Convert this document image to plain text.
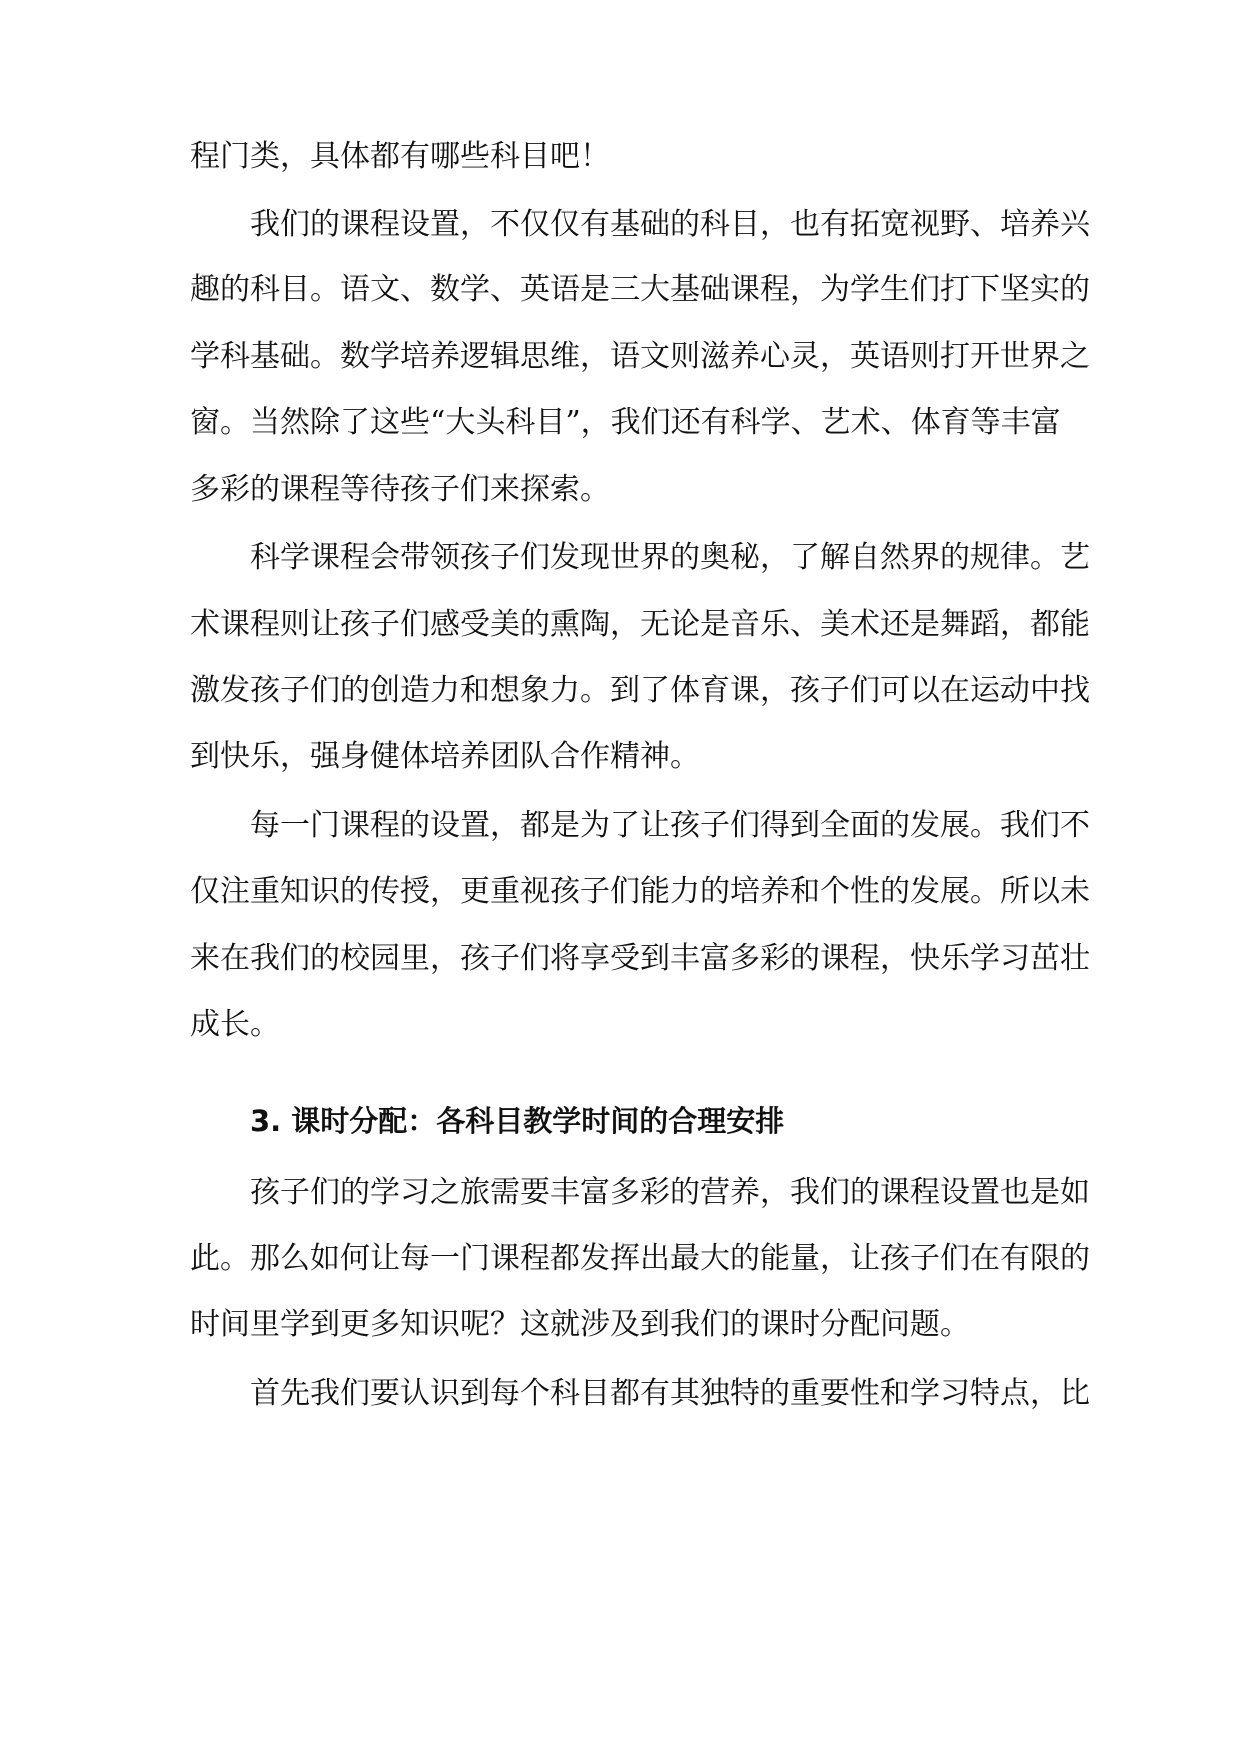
程门类，具体都有哪些科目吧！
我们的课程设置，不仅仅有基础的科目，也有拓宽视野、培养兴
趣的科目。语文、数学、英语是三大基础课程，为学生们打下坚实的
学科基础。数学培养逻辑思维，语文则滋养心灵，英语则打开世界之
窗。当然除了这些“大头科目”，我们还有科学、艺术、体育等丰富
多彩的课程等待孩子们来探索。
科学课程会带领孩子们发现世界的奥秘，了解自然界的规律。艺
术课程则让孩子们感受美的熏陶，无论是音乐、美术还是舞蹈，都能
激发孩子们的创造力和想象力。到了体育课，孩子们可以在运动中找
到快乐，强身健体培养团队合作精神。
每一门课程的设置，都是为了让孩子们得到全面的发展。我们不
仅注重知识的传授，更重视孩子们能力的培养和个性的发展。所以未
来在我们的校园里，孩子们将享受到丰富多彩的课程，快乐学习茁壮
成长。
3. 课时分配：各科目教学时间的合理安排
孩子们的学习之旅需要丰富多彩的营养，我们的课程设置也是如
此。那么如何让每一门课程都发挥出最大的能量，让孩子们在有限的
时间里学到更多知识呢？这就涉及到我们的课时分配问题。
首先我们要认识到每个科目都有其独特的重要性和学习特点，比
